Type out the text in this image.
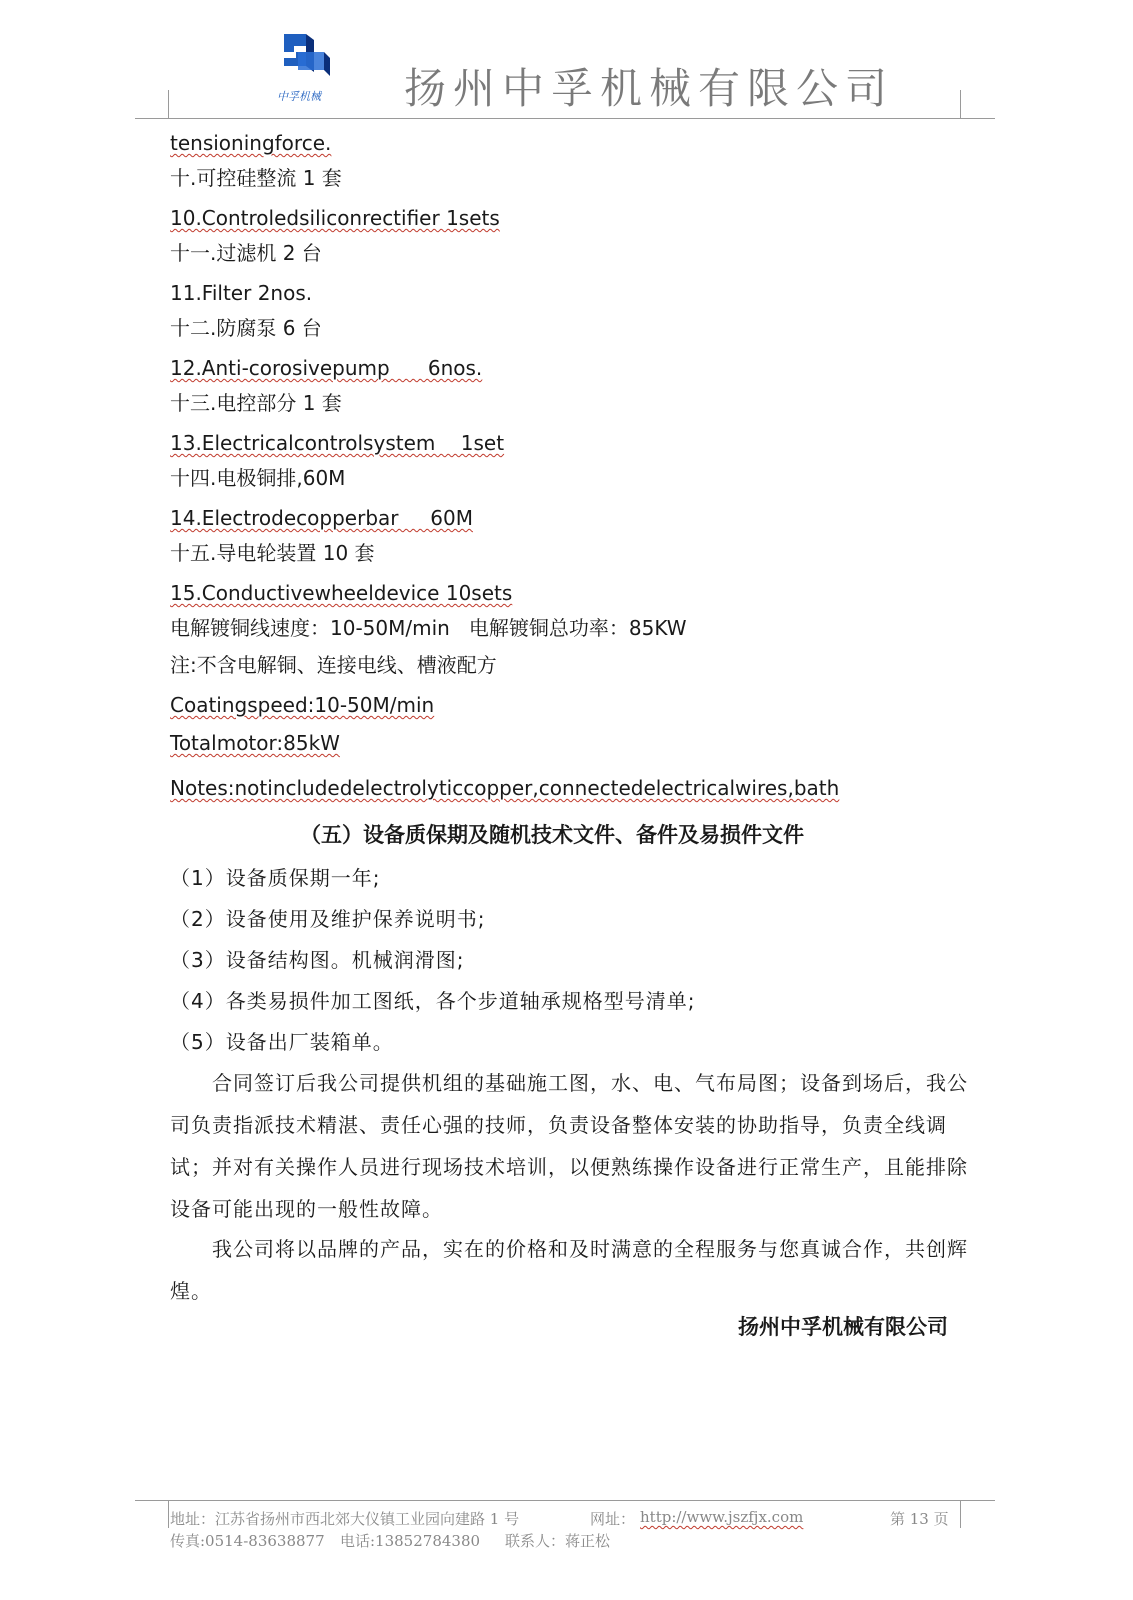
中孚机械 扬州中孚机械有限公司
tensioningforce.
十.可控硅整流 1 套
10.Controledsiliconrectifier 1sets
十一.过滤机 2 台
11.Filter 2nos.
十二.防腐泵 6 台
12.Anti-corosivepump      6nos.
十三.电控部分 1 套
13.Electricalcontrolsystem    1set
十四.电极铜排,60M
14.Electrodecopperbar     60M
十五.导电轮装置 10 套
15.Conductivewheeldevice 10sets
电解镀铜线速度：10-50M/min   电解镀铜总功率：85KW
注:不含电解铜、连接电线、槽液配方
Coatingspeed:10-50M/min
Totalmotor:85kW
Notes:notincludedelectrolyticcopper,connectedelectricalwires,bath
（五）设备质保期及随机技术文件、备件及易损件文件
（1）设备质保期一年;
（2）设备使用及维护保养说明书;
（3）设备结构图。机械润滑图;
（4）各类易损件加工图纸，各个步道轴承规格型号清单;
（5）设备出厂装箱单。
合同签订后我公司提供机组的基础施工图，水、电、气布局图；设备到场后，我公司负责指派技术精湛、责任心强的技师，负责设备整体安装的协助指导，负责全线调试；并对有关操作人员进行现场技术培训，以便熟练操作设备进行正常生产，且能排除设备可能出现的一般性故障。
我公司将以品牌的产品，实在的价格和及时满意的全程服务与您真诚合作，共创辉煌。
扬州中孚机械有限公司
地址：江苏省扬州市西北郊大仪镇工业园向建路 1 号	网址： http://www.jszfjx.com	第 13 页
传真:0514-83638877 电话:13852784380 联系人：蒋正松
